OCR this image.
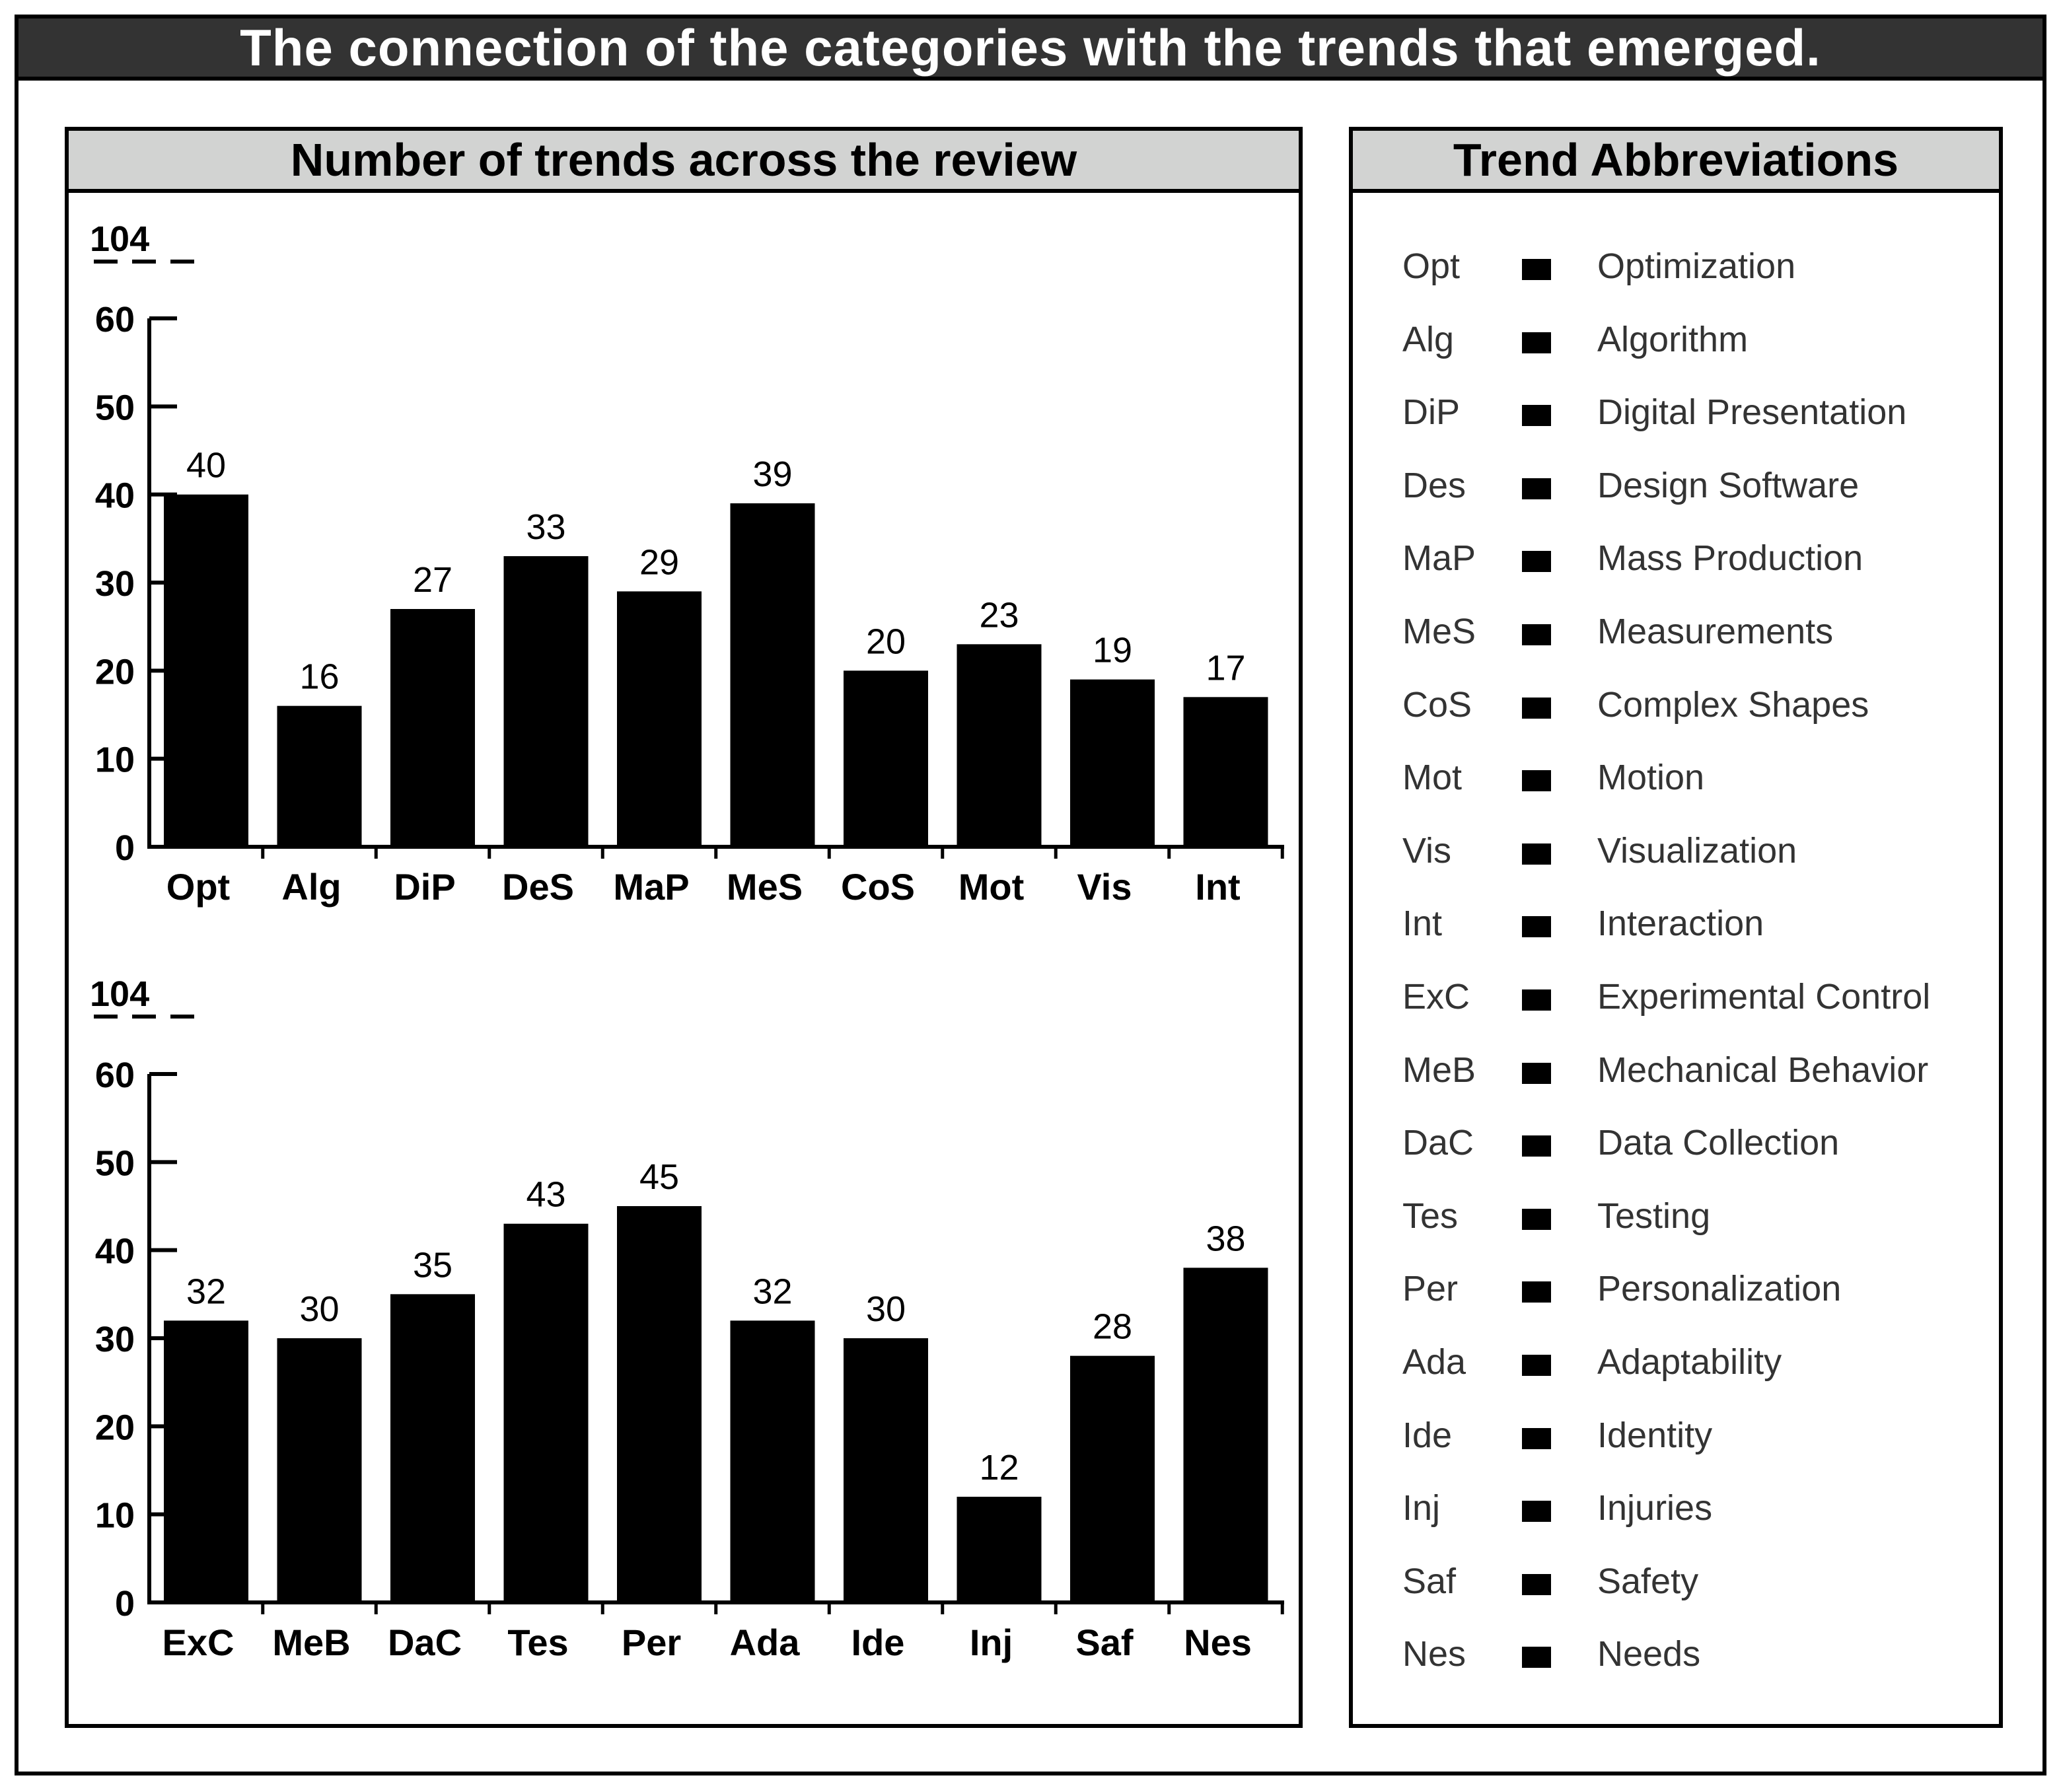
The connection of the categories with the trends that emerged.
Number of trends across the review
104
0
10
20
30
40
50
60
40
Opt
16
Alg
27
DiP
33
DeS
29
MaP
39
MeS
20
CoS
23
Mot
19
Vis
17
Int
104
0
10
20
30
40
50
60
32
ExC
30
MeB
35
DaC
43
Tes
45
Per
32
Ada
30
Ide
12
Inj
28
Saf
38
Nes
Trend Abbreviations
Opt	Optimization
Alg	Algorithm
DiP	Digital Presentation
Des	Design Software
MaP	Mass Production
MeS	Measurements
CoS	Complex Shapes
Mot	Motion
Vis	Visualization
Int	Interaction
ExC	Experimental Control
MeB	Mechanical Behavior
DaC	Data Collection
Tes	Testing
Per	Personalization
Ada	Adaptability
Ide	Identity
Inj	Injuries
Saf	Safety
Nes	Needs
